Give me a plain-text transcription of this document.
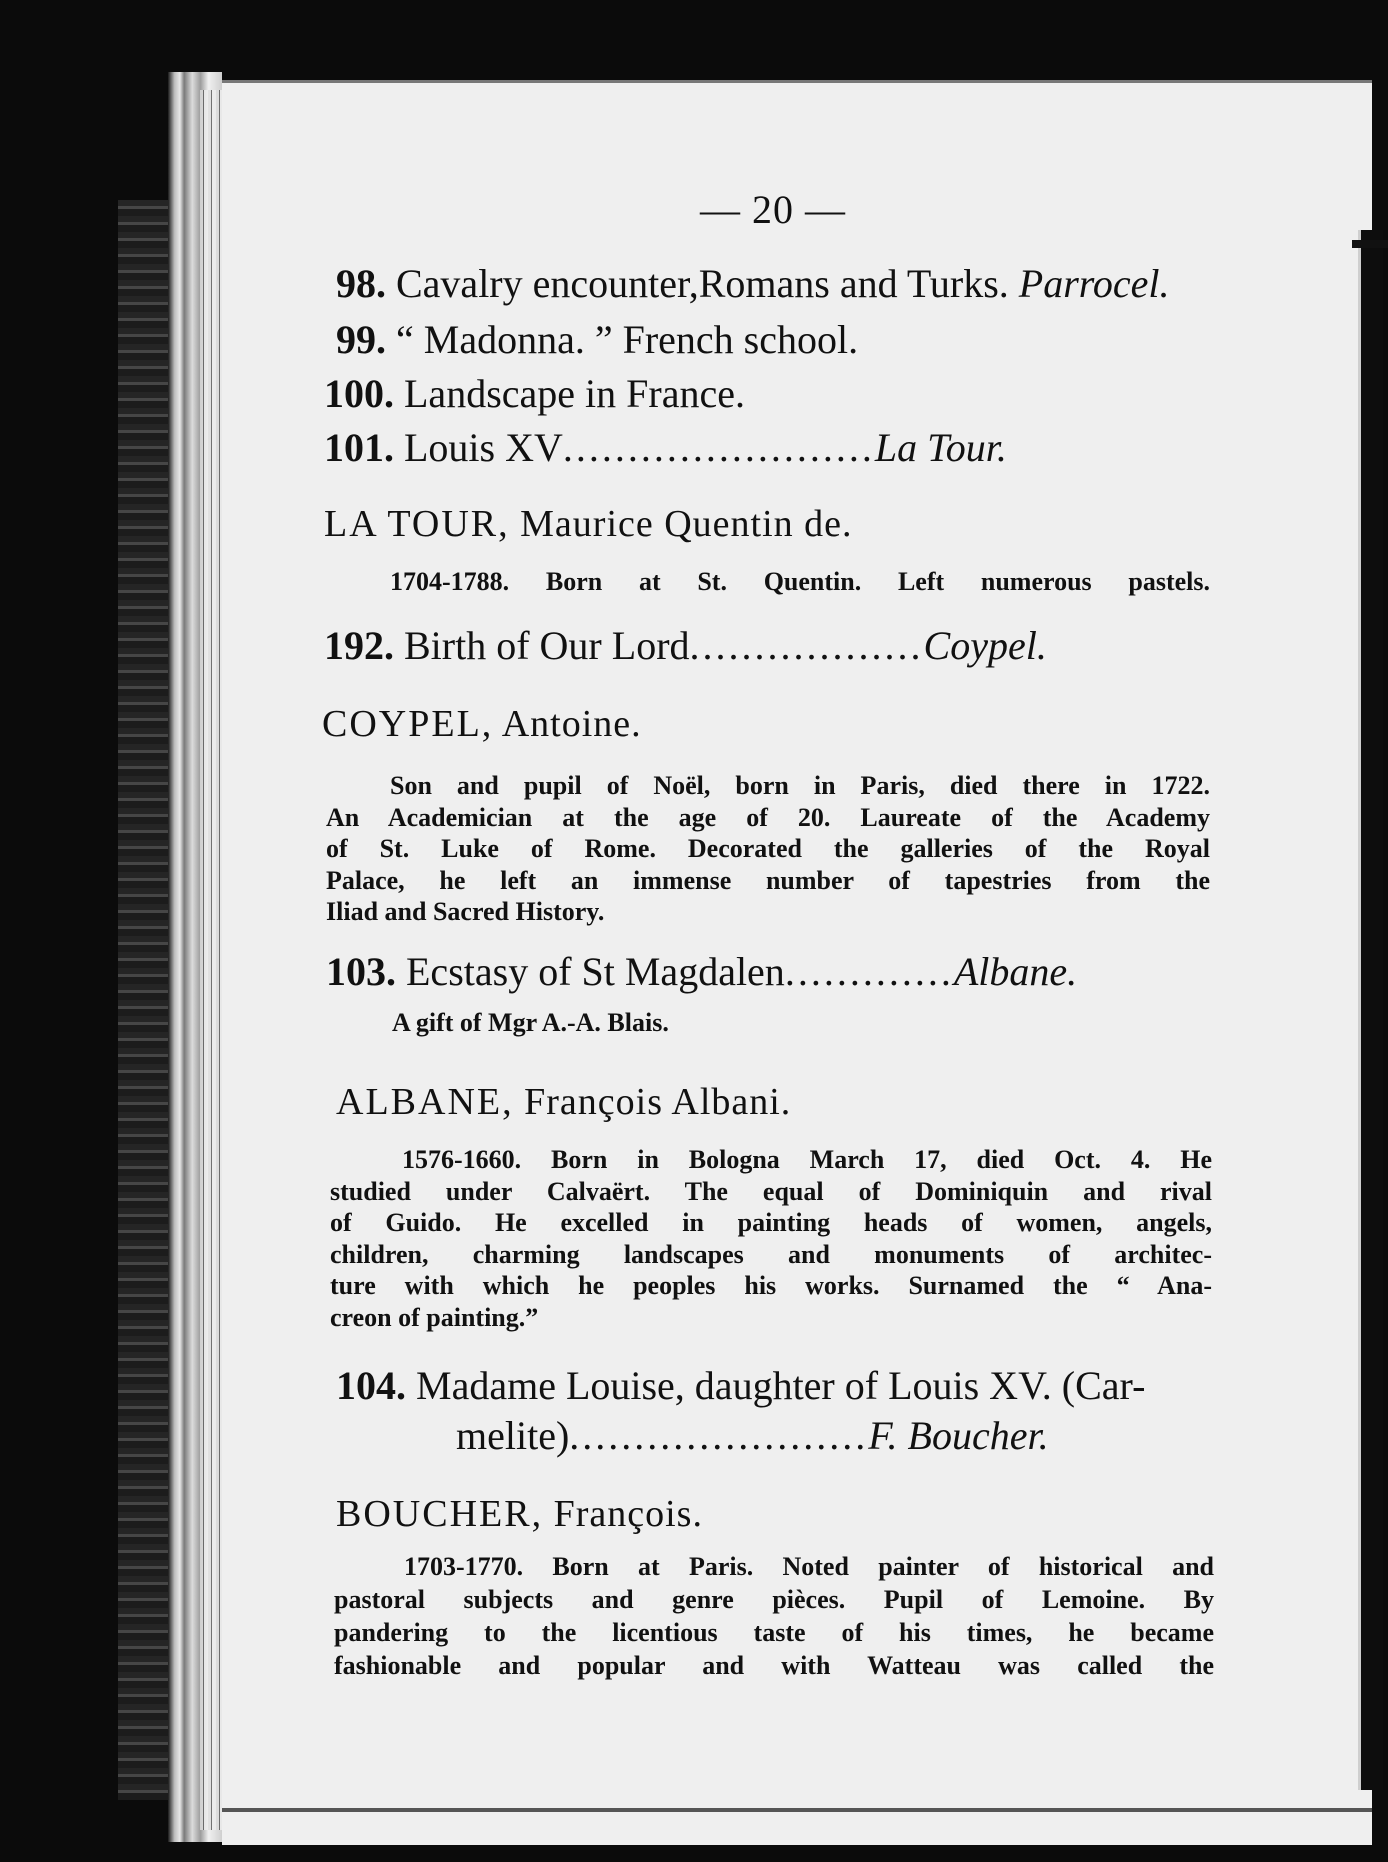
— 20 —
98. Cavalry encounter,Romans and Turks. Parrocel.
99. “ Madonna. ” French school.
100. Landscape in France.
101. Louis XV........................La Tour.
LA TOUR, Maurice Quentin de.
1704-1788. Born at St. Quentin. Left numerous pastels.
192. Birth of Our Lord..................Coypel.
COYPEL, Antoine.
Son and pupil of Noël, born in Paris, died there in 1722.
An Academician at the age of 20. Laureate of the Academy
of St. Luke of Rome. Decorated the galleries of the Royal
Palace, he left an immense number of tapestries from the
Iliad and Sacred History.
103. Ecstasy of St Magdalen.............Albane.
A gift of Mgr A.-A. Blais.
ALBANE, François Albani.
1576-1660. Born in Bologna March 17, died Oct. 4. He
studied under Calvaërt. The equal of Dominiquin and rival
of Guido. He excelled in painting heads of women, angels,
children, charming landscapes and monuments of architec-
ture with which he peoples his works. Surnamed the “ Ana-
creon of painting.”
104. Madame Louise, daughter of Louis XV. (Car-
melite).......................F. Boucher.
BOUCHER, François.
1703-1770. Born at Paris. Noted painter of historical and
pastoral subjects and genre pièces. Pupil of Lemoine. By
pandering to the licentious taste of his times, he became
fashionable and popular and with Watteau was called the
